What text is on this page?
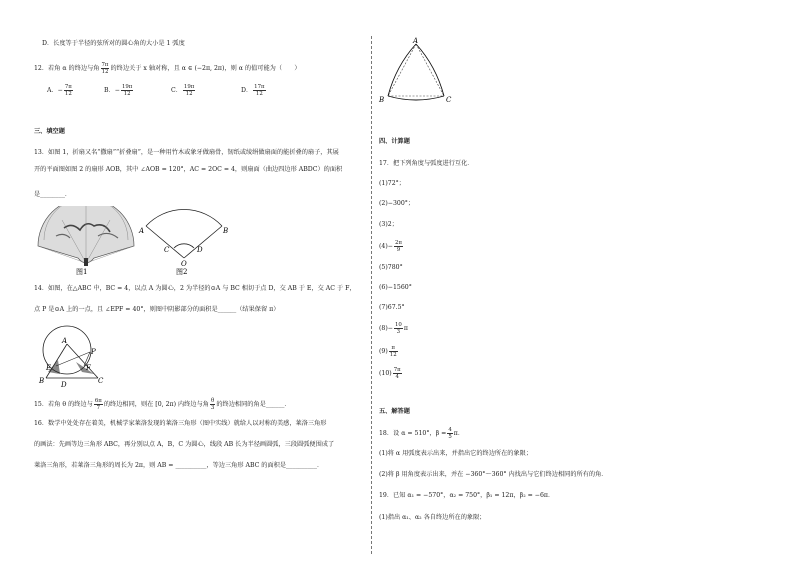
D．长度等于半径的弦所对的圆心角的大小是 1 弧度
12．若角 α 的终边与角 $\frac{7\pi}{12}$ 的终边关于 x 轴对称，且 α ∈ (−2π, 2π)，则 α 的值可能为（　　）
A．− $\frac{7\pi}{12}$	B．− $\frac{19\pi}{12}$	C． $\frac{19\pi}{12}$	D． $\frac{17\pi}{12}$
三、填空题
13．如图 1，折扇又名“撒扇”“折叠扇”，是一种用竹木或象牙做扇骨，韧纸或绫绢做扇面的能折叠的扇子，其展
开的平面图如图 2 的扇形 AOB，其中 ∠AOB = 120°，AC = 2OC = 4，则扇面（曲边四边形 ABDC）的面积
是________．
A	B
C	D
O
图1	图2
14．如图，在△ABC 中，BC = 4，以点 A 为圆心，2 为半径的⊙A 与 BC 相切于点 D，交 AB 于 E，交 AC 于 F，
点 P 是⊙A 上的一点，且 ∠EPF = 40°，则图中阴影部分的面积是______（结果保留 π）
A
B	C
D
E	F
P
15．若角 θ 的终边与 $\frac{6\pi}{7}$ 的终边相同，则在 [0, 2π) 内终边与角 $\frac{\theta}{3}$ 的终边相同的角是______．
16．数学中处处存在着美，机械学家莱洛发现的莱洛三角形（图中实线）就给人以对称的美感，莱洛三角形
的画法：先画等边三角形 ABC，再分别以点 A，B，C 为圆心，线段 AB 长为半径画圆弧，三段圆弧便围成了
莱洛三角形，若莱洛三角形的周长为 2π，则 AB = __________，等边三角形 ABC 的面积是__________．
A
B	C
四、计算题
17．把下列角度与弧度进行互化．
(1)72°；
(2)−300°；
(3)2；
$(4)- \frac{2\pi}{9}$
(5)780°
(6)−1560°
(7)67.5°
$(8)- \frac{10}{3}$ π
$(9) \frac{\pi}{12}$
$(10) \frac{7\pi}{4}$
五、解答题
18．设 α = 510°，$\beta = \frac{4}{5}$ π．
(1)将 α 用弧度表示出来，并指出它的终边所在的象限；
(2)将 β 用角度表示出来，并在 −360°～360° 内找出与它们终边相同的所有的角．
19．已知 α₁ = −570°，α₂ = 750°，β₁ = 12π，β₂ = −6π．
(1)指出 α₁、α₂ 各自终边所在的象限；
